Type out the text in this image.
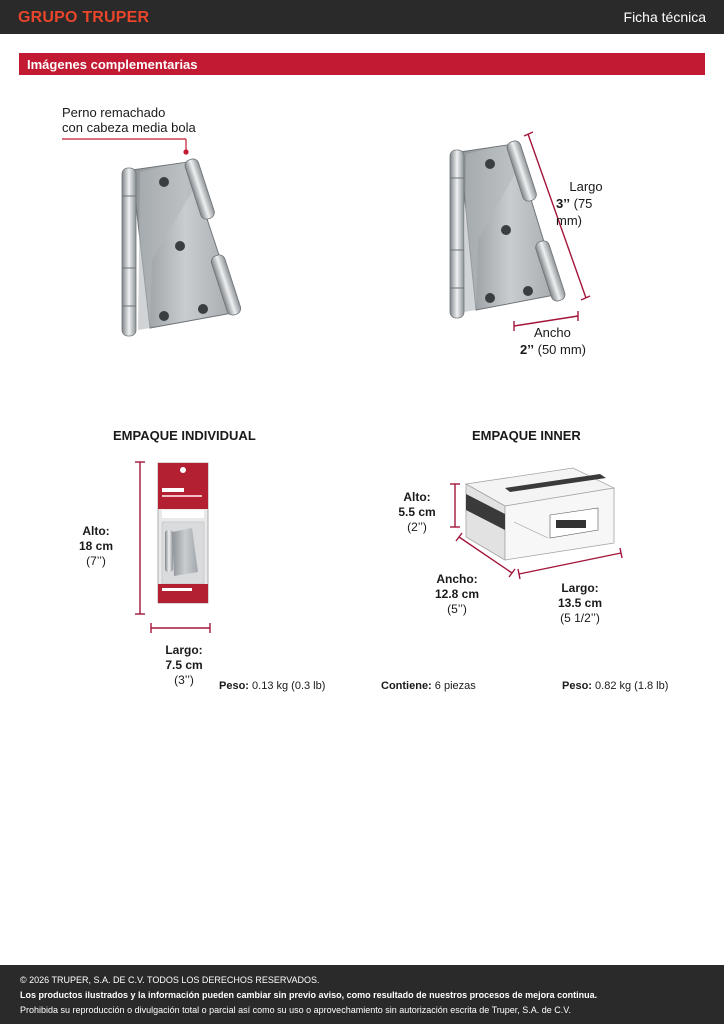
GRUPO TRUPER	Ficha técnica
Imágenes complementarias
Perno remachado
con cabeza media bola
Largo
3’’ (75 mm)
Ancho
2’’ (50 mm)
EMPAQUE INDIVIDUAL
Alto:
18 cm
(7’’)
Largo:
7.5 cm
(3’’)	Peso: 0.13 kg (0.3 lb)
EMPAQUE INNER
Alto:
5.5 cm
(2’’)
Ancho:
12.8 cm
(5’’)
Largo:
13.5 cm
(5 1/2’’)
Contiene: 6 piezas	Peso: 0.82 kg (1.8 lb)
© 2026 TRUPER, S.A. DE C.V. TODOS LOS DERECHOS RESERVADOS.
Los productos ilustrados y la información pueden cambiar sin previo aviso, como resultado de nuestros procesos de mejora continua.
Prohibida su reproducción o divulgación total o parcial así como su uso o aprovechamiento sin autorización escrita de Truper, S.A. de C.V.
